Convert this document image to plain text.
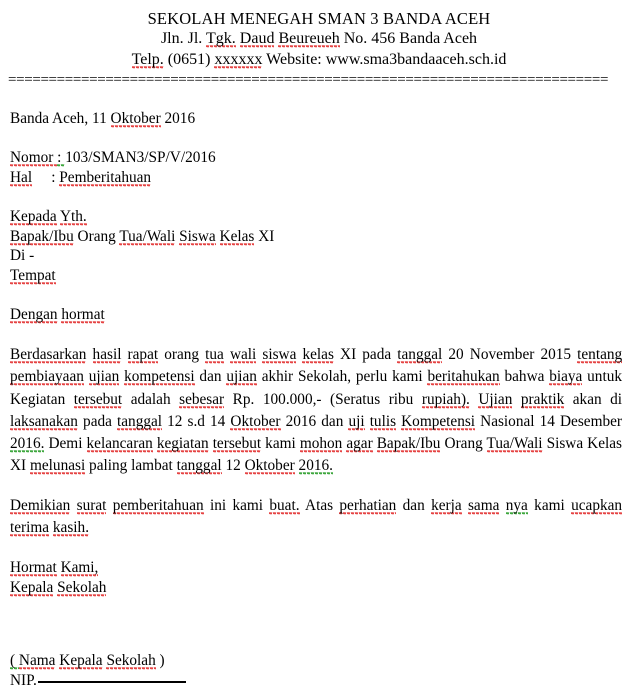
SEKOLAH MENEGAH SMAN 3 BANDA ACEH
Jln. Jl. Tgk. Daud Beureueh No. 456 Banda Aceh
Telp. (0651) xxxxxx Website: www.sma3bandaaceh.sch.id
==========================================================================
Banda Aceh, 11 Oktober 2016
Nomor : 103/SMAN3/SP/V/2016
Hal     : Pemberitahuan
Kepada Yth.
Bapak/Ibu Orang Tua/Wali Siswa Kelas XI
Di -
Tempat
Dengan hormat
Berdasarkan hasil rapat orang tua wali siswa kelas XI pada tanggal 20 November 2015 tentang pembiayaan ujian kompetensi dan ujian akhir Sekolah, perlu kami beritahukan bahwa biaya untuk Kegiatan tersebut adalah sebesar Rp. 100.000,- (Seratus ribu rupiah). Ujian praktik akan di laksanakan pada tanggal 12 s.d 14 Oktober 2016 dan uji tulis Kompetensi Nasional 14 Desember 2016. Demi kelancaran kegiatan tersebut kami mohon agar Bapak/Ibu Orang Tua/Wali Siswa Kelas XI melunasi paling lambat tanggal 12 Oktober 2016.
Demikian surat pemberitahuan ini kami buat. Atas perhatian dan kerja sama nya kami ucapkan terima kasih.
Hormat Kami,
Kepala Sekolah
( Nama Kepala Sekolah )
NIP.
